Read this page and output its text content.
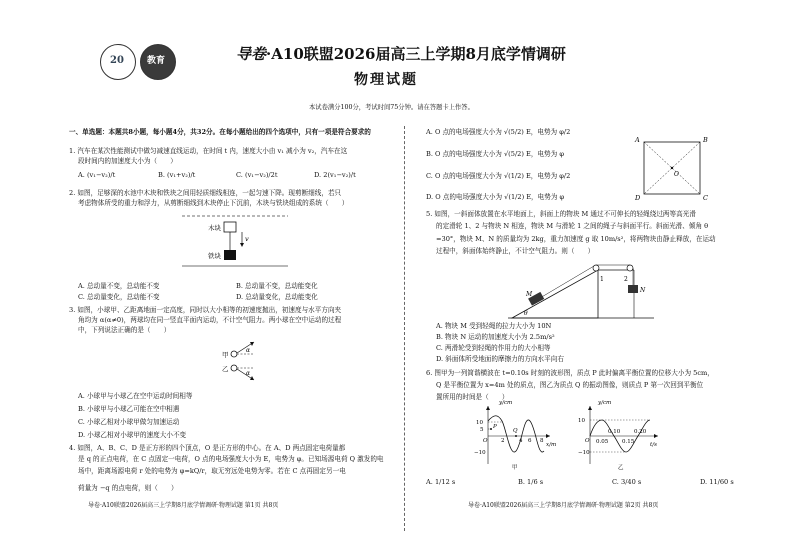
20	教育	导卷·A10联盟2026届高三上学期8月底学情调研
物理试题
本试卷满分100分，考试时间75分钟。请在答题卡上作答。
一、单选题：本题共8小题，每小题4分，共32分。在每小题给出的四个选项中，只有一项是符合要求的
1. 汽车在某次性能测试中做匀减速直线运动，在时间 t 内，速度大小由 v₁ 减小为 v₂，汽车在这
段时间内的加速度大小为（　　）
A. (v₁−v₂)/t	B. (v₁+v₂)/t	C. (v₁−v₂)/2t	D. 2(v₁−v₂)/t
2. 如图，足够深的水池中木块和铁块之间用轻质细线相连，一起匀速下降。现剪断细线，若只
考虑物体所受的重力和浮力，从剪断细线到木块停止下沉前，木块与铁块组成的系统（　　）
木块
铁块
v
A. 总动量不变，总动能不变	B. 总动量不变，总动能变化
C. 总动量变化，总动能不变	D. 总动量变化，总动能变化
3. 如图，小球甲、乙距离地面一定高度，同时以大小相等的初速度抛出，初速度与水平方向夹
角均为 α(α≠0)，两球均在同一竖直平面内运动，不计空气阻力。两小球在空中运动的过程
中，下列说法正确的是（　　）
甲
乙
α
α
A. 小球甲与小球乙在空中运动时间相等
B. 小球甲与小球乙可能在空中相遇
C. 小球乙相对小球甲做匀加速运动
D. 小球乙相对小球甲的速度大小不变
4. 如图，A、B、C、D 是正方形的四个顶点，O 是正方形的中心。在 A、D 两点固定电荷量都
是 q 的正点电荷，在 C 点固定一电荷，O 点的电场强度大小为 E，电势为 φ。已知场源电荷 Q 激发的电
场中，距离场源电荷 r 处的电势为 φ=kQ/r，取无穷远处电势为零。若在 C 点再固定另一电
荷量为 −q 的点电荷，则（　　）
导卷·A10联盟2026届高三上学期8月底学情调研·物理试题 第1页 共8页
A. O 点的电场强度大小为 √(5/2) E，电势为 φ/2
B. O 点的电场强度大小为 √(5/2) E，电势为 φ
C. O 点的电场强度大小为 √(1/2) E，电势为 φ/2
D. O 点的电场强度大小为 √(1/2) E，电势为 φ
A	B
C
D
O
5. 如图，一斜面体放置在水平地面上，斜面上的物块 M 通过不可伸长的轻绳绕过两等高光滑
的定滑轮 1、2 与物块 N 相连，物块 M 与滑轮 1 之间的绳子与斜面平行。斜面光滑、倾角 θ
=30°，物块 M、N 的质量均为 2kg，重力加速度 g 取 10m/s²，将两物块由静止释放，在运动
过程中，斜面体始终静止，不计空气阻力。则（　　）
1	2
M
N
θ
A. 物块 M 受到轻绳的拉力大小为 10N
B. 物块 N 运动的加速度大小为 2.5m/s²
C. 两滑轮受到轻绳的作用力的大小相等
D. 斜面体所受地面的摩擦力的方向水平向右
6. 图甲为一列简谐横波在 t=0.10s 时刻的波形图，质点 P 此时偏离平衡位置的位移大小为 5cm，
Q 是平衡位置为 x=4m 处的质点，图乙为质点 Q 的振动图像，则质点 P 第一次回到平衡位
置所用的时间是（　　）
y/cm
x/m
10
5
−10
O
P
Q
2	4 6 8
甲
y/cm
t/s
10
−10
O
0.10	0.20
0.05	0.15
乙
A. 1/12 s	B. 1/6 s	C. 3/40 s	D. 11/60 s
导卷·A10联盟2026届高三上学期8月底学情调研·物理试题 第2页 共8页
